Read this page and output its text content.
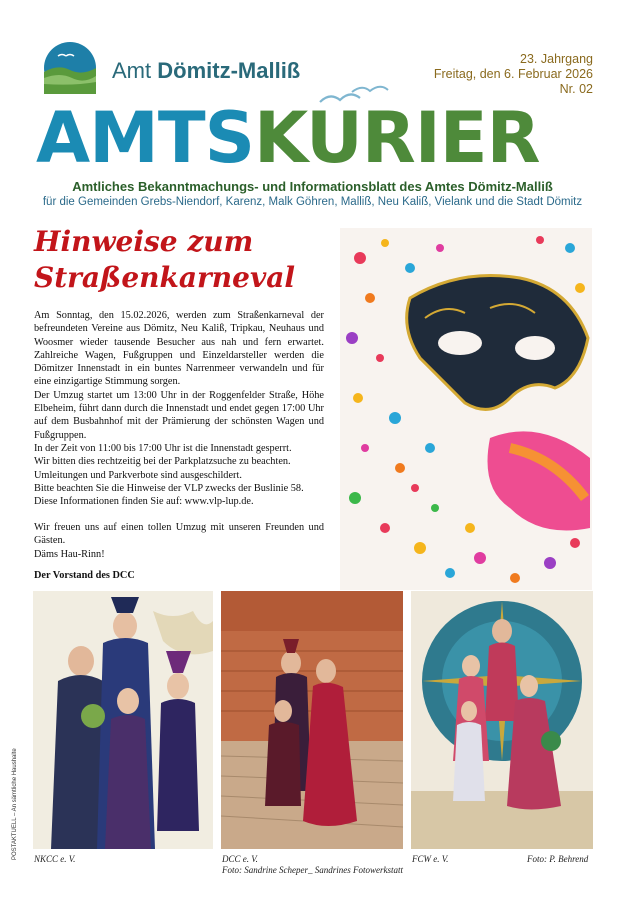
Amt Dömitz-Malliß	23. Jahrgang
Freitag, den 6. Februar 2026
Nr. 02
AMTSKURIER
Amtliches Bekanntmachungs- und Informationsblatt des Amtes Dömitz-Malliß
für die Gemeinden Grebs-Niendorf, Karenz, Malk Göhren, Malliß, Neu Kaliß, Vielank und die Stadt Dömitz
Hinweise zum
Straßenkarneval

Am Sonntag, den 15.02.2026, werden zum Straßenkarneval der befreundeten Vereine aus Dömitz, Neu Kaliß, Tripkau, Neuhaus und Woosmer wieder tausende Besucher aus nah und fern erwartet. Zahlreiche Wagen, Fußgruppen und Einzeldarsteller werden die Dömitzer Innenstadt in ein buntes Narrenmeer verwandeln und für eine einzigartige Stimmung sorgen.

Der Umzug startet um 13:00 Uhr in der Roggenfelder Straße, Höhe Elbeheim, führt dann durch die Innenstadt und endet gegen 17:00 Uhr auf dem Busbahnhof mit der Prämierung der schönsten Wagen und Fußgruppen.

In der Zeit von 11:00 bis 17:00 Uhr ist die Innenstadt gesperrt.

Wir bitten dies rechtzeitig bei der Parkplatzsuche zu beachten.

Umleitungen und Parkverbote sind ausgeschildert.

Bitte beachten Sie die Hinweise der VLP zwecks der Buslinie 58.

Diese Informationen finden Sie auf: www.vlp-lup.de.

Wir freuen uns auf einen tollen Umzug mit unseren Freunden und Gästen.

Däms Hau-Rinn!

Der Vorstand des DCC
NKCC e. V.	DCC e. V.
Foto: Sandrine Scheper_ Sandrines Fotowerkstatt
FCW e. V.	Foto: P. Behrend
POSTAKTUELL – An sämtliche Haushalte
